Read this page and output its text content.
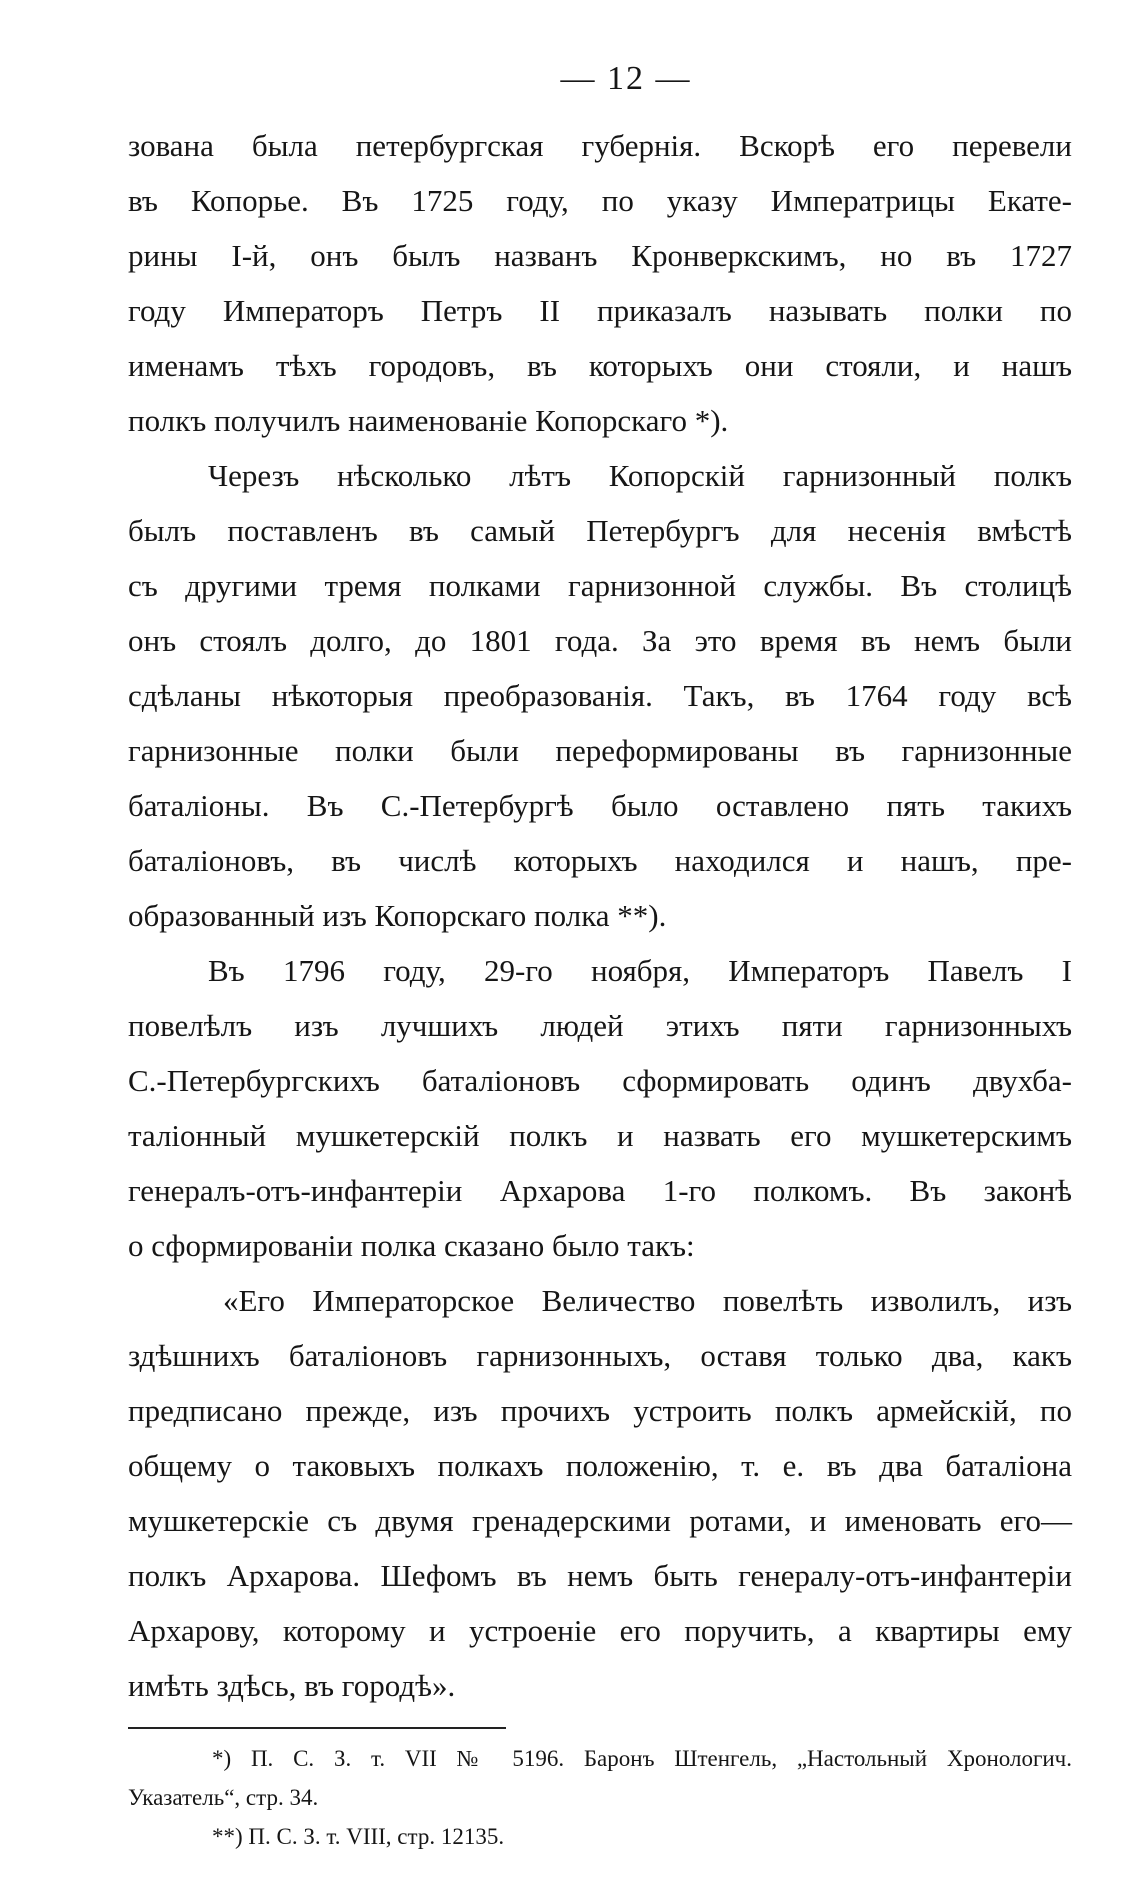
— 12 —
зована была петербургская губернія. Вскорѣ его перевели
въ Копорье. Въ 1725 году, по указу Императрицы Екате-
рины I-й, онъ былъ названъ Кронверкскимъ, но въ 1727
году Императоръ Петръ II приказалъ называть полки по
именамъ тѣхъ городовъ, въ которыхъ они стояли, и нашъ
полкъ получилъ наименованіе Копорскаго *).
Черезъ нѣсколько лѣтъ Копорскій гарнизонный полкъ
былъ поставленъ въ самый Петербургъ для несенія вмѣстѣ
съ другими тремя полками гарнизонной службы. Въ столицѣ
онъ стоялъ долго, до 1801 года. За это время въ немъ были
сдѣланы нѣкоторыя преобразованія. Такъ, въ 1764 году всѣ
гарнизонные полки были переформированы въ гарнизонные
баталіоны. Въ С.-Петербургѣ было оставлено пять такихъ
баталіоновъ, въ числѣ которыхъ находился и нашъ, пре-
образованный изъ Копорскаго полка **).
Въ 1796 году, 29-го ноября, Императоръ Павелъ I
повелѣлъ изъ лучшихъ людей этихъ пяти гарнизонныхъ
С.-Петербургскихъ баталіоновъ сформировать одинъ двухба-
таліонный мушкетерскій полкъ и назвать его мушкетерскимъ
генералъ-отъ-инфантеріи Архарова 1-го полкомъ. Въ законѣ
о сформированіи полка сказано было такъ:
«Его Императорское Величество повелѣть изволилъ, изъ
здѣшнихъ баталіоновъ гарнизонныхъ, оставя только два, какъ
предписано прежде, изъ прочихъ устроить полкъ армейскій, по
общему о таковыхъ полкахъ положенію, т. е. въ два баталіона
мушкетерскіе съ двумя гренадерскими ротами, и именовать его—
полкъ Архарова. Шефомъ въ немъ быть генералу-отъ-инфантеріи
Архарову, которому и устроеніе его поручить, а квартиры ему
имѣть здѣсь, въ городѣ».
*) П. С. З. т. VII № 5196. Баронъ Штенгель, „Настольный Хронологич.
Указатель“, стр. 34.
**) П. С. З. т. VIII, стр. 12135.
